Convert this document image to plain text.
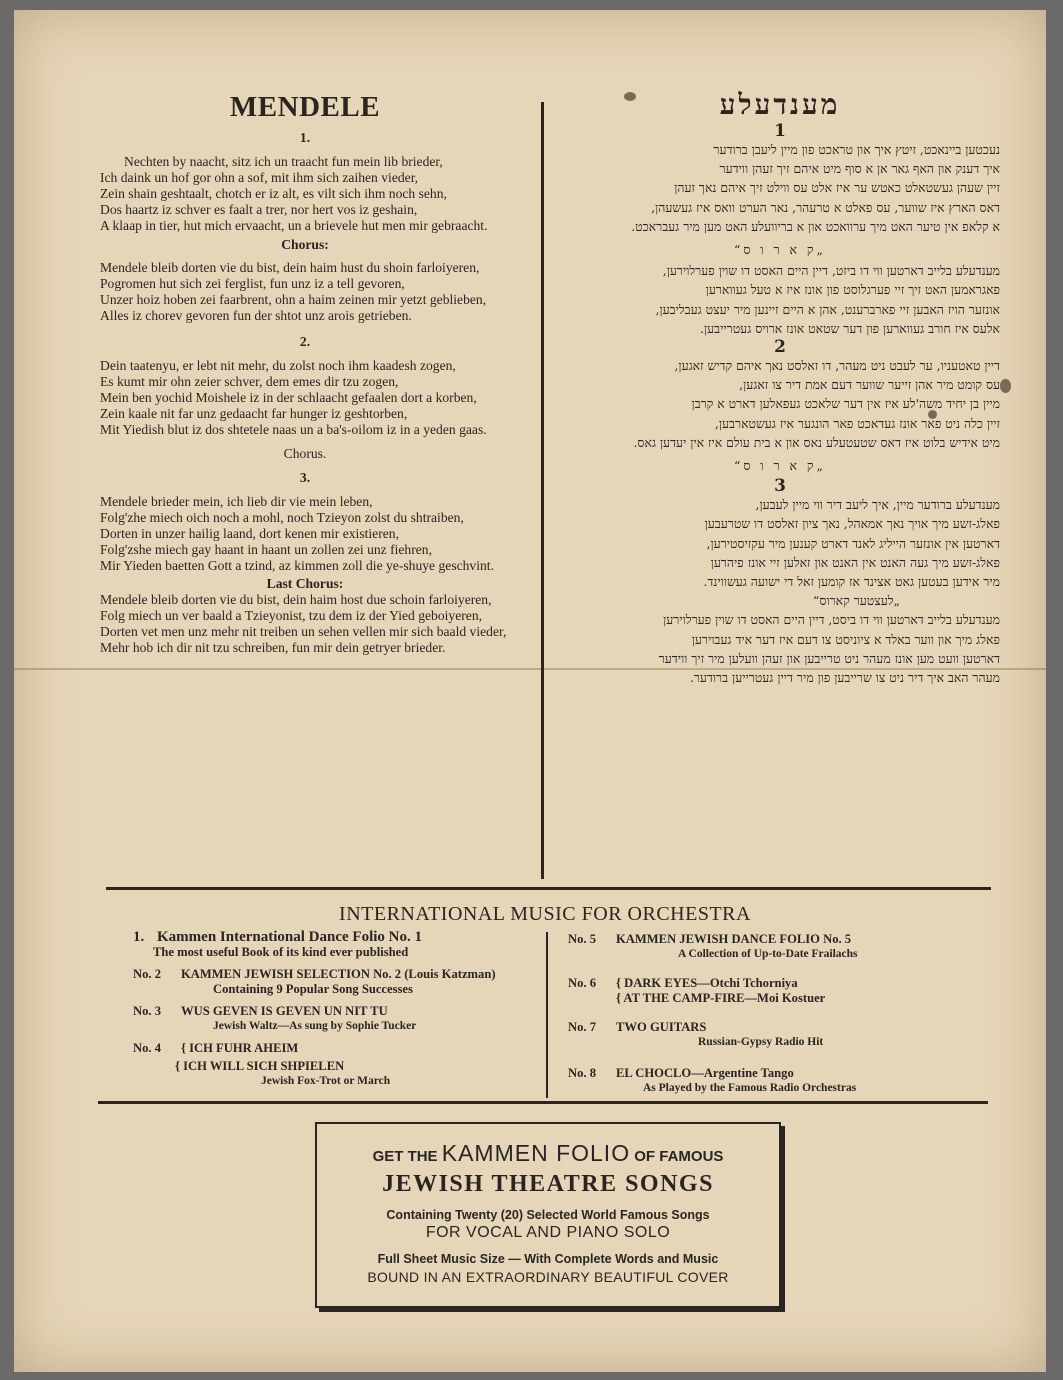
MENDELE
1.

Nechten by naacht, sitz ich un traacht fun mein lib brieder,

Ich daink un hof gor ohn a sof, mit ihm sich zaihen vieder,

Zein shain geshtaalt, chotch er iz alt, es vilt sich ihm noch sehn,

Dos haartz iz schver es faalt a trer, nor hert vos iz geshain,

A klaap in tier, hut mich ervaacht, un a brievele hut men mir gebraacht.

Chorus:

Mendele bleib dorten vie du bist, dein haim hust du shoin farloiyeren,

Pogromen hut sich zei ferglist, fun unz iz a tell gevoren,

Unzer hoiz hoben zei faarbrent, ohn a haim zeinen mir yetzt geblieben,

Alles iz chorev gevoren fun der shtot unz arois getrieben.

2.

Dein taatenyu, er lebt nit mehr, du zolst noch ihm kaadesh zogen,

Es kumt mir ohn zeier schver, dem emes dir tzu zogen,

Mein ben yochid Moishele iz in der schlaacht gefaalen dort a korben,

Zein kaale nit far unz gedaacht far hunger iz geshtorben,

Mit Yiedish blut iz dos shtetele naas un a ba's-oilom iz in a yeden gaas.

Chorus.
3.

Mendele brieder mein, ich lieb dir vie mein leben,

Folg'zhe miech oich noch a mohl, noch Tzieyon zolst du shtraiben,

Dorten in unzer hailig laand, dort kenen mir existieren,

Folg'zshe miech gay haant in haant un zollen zei unz fiehren,

Mir Yieden baetten Gott a tzind, az kimmen zoll die ye-shuye geschvint.

Last Chorus:

Mendele bleib dorten vie du bist, dein haim host due schoin farloiyeren,

Folg miech un ver baald a Tzieyonist, tzu dem iz der Yied geboiyeren,

Dorten vet men unz mehr nit treiben un sehen vellen mir sich baald vieder,

Mehr hob ich dir nit tzu schreiben, fun mir dein getryer brieder.

מענדעלע
1

נעכטען ביינאכט, זיטץ איך און טראכט פון מיין ליעבן ברודער

איך דענק און האף גאר אן א סוף מיט איהם זיך זעהן ווידער

זיין שעהן געשטאלט כאטש ער איז אלט עס ווילט זיך איהם נאך זעהן

דאס הארץ איז שווער, עס פאלט א טרעהר, נאר הערט וואס איז געשעהן,

א קלאפ אין טיער האט מיך ערוואכט און א בריוועלע האט מען מיר געבראכט.

„ק א ר ו ס“

מענדעלע בלייב דארטען ווי דו ביזט, דיין היים האסט דו שוין פערלוירען,

פאגראמען האט זיך זיי פערגלוסט פון אונז איז א טעל געווארען

אונזער הויז האבען זיי פארברענט, אהן א היים זיינען מיר יעצט געבליבען,

אלעס איז חורב געווארען פון דער שטאט אונז ארויס געטרייבען.

2

דיין טאטעניו, ער לעבט ניט מעהר, דו זאלסט נאך איהם קדיש זאגען,

עס קומט מיר אהן זייער שווער דעם אמת דיר צו זאגען,

מיין בן יחיד משה'לע איז אין דער שלאכט געפאלען דארט א קרבן

זיין כלה ניט פאר אונז געדאכט פאר הונגער איז געשטארבען,

מיט אידיש בלוט איז דאס שטעטעלע נאס און א בית עולם איז אין יעדען גאס.

„ק א ר ו ס“
3

מענדעלע ברודער מיין, איך ליעב דיר ווי מיין לעבען,

פאלג-זשע מיך אויך נאך אמאהל, נאך ציון זאלסט דו שטרעבען

דארטען אין אונזער הייליג לאנד דארט קענען מיר עקזיסטירען,

פאלג-זשע מיך געה האנט אין האנט און זאלען זיי אונז פיהרען

מיר אידען בעטען גאט אצינד אז קומען זאל די ישועה געשווינד.

„לעצטער קארוס“

מענדעלע בלייב דארטען ווי דו ביסט, דיין היים האסט דו שוין פערלוירען

פאלג מיך און ווער באלד א ציוניסט צו דעם איז דער איד געבוירען

דארטען וועט מען אונז מעהר ניט טרייבען און זעהן וועלען מיר זיך ווידער

מעהר האב איך דיר ניט צו שרייבען פון מיר דיין געטרייען ברודער.

INTERNATIONAL MUSIC FOR ORCHESTRA
1. Kammen International Dance Folio No. 1
The most useful Book of its kind ever published
No. 2 KAMMEN JEWISH SELECTION No. 2 (Louis Katzman)
Containing 9 Popular Song Successes
No. 3 WUS GEVEN IS GEVEN UN NIT TU
Jewish Waltz—As sung by Sophie Tucker
No. 4 { ICH FUHR AHEIM
{ ICH WILL SICH SHPIELEN
Jewish Fox-Trot or March
No. 5 KAMMEN JEWISH DANCE FOLIO No. 5
A Collection of Up-to-Date Frailachs
No. 6 { DARK EYES—Otchi Tchorniya
{ AT THE CAMP-FIRE—Moi Kostuer
No. 7 TWO GUITARS
Russian-Gypsy Radio Hit
No. 8 EL CHOCLO—Argentine Tango
As Played by the Famous Radio Orchestras
GET THE KAMMEN FOLIO OF FAMOUS
JEWISH THEATRE SONGS
Containing Twenty (20) Selected World Famous Songs
FOR VOCAL AND PIANO SOLO
Full Sheet Music Size — With Complete Words and Music
BOUND IN AN EXTRAORDINARY BEAUTIFUL COVER
